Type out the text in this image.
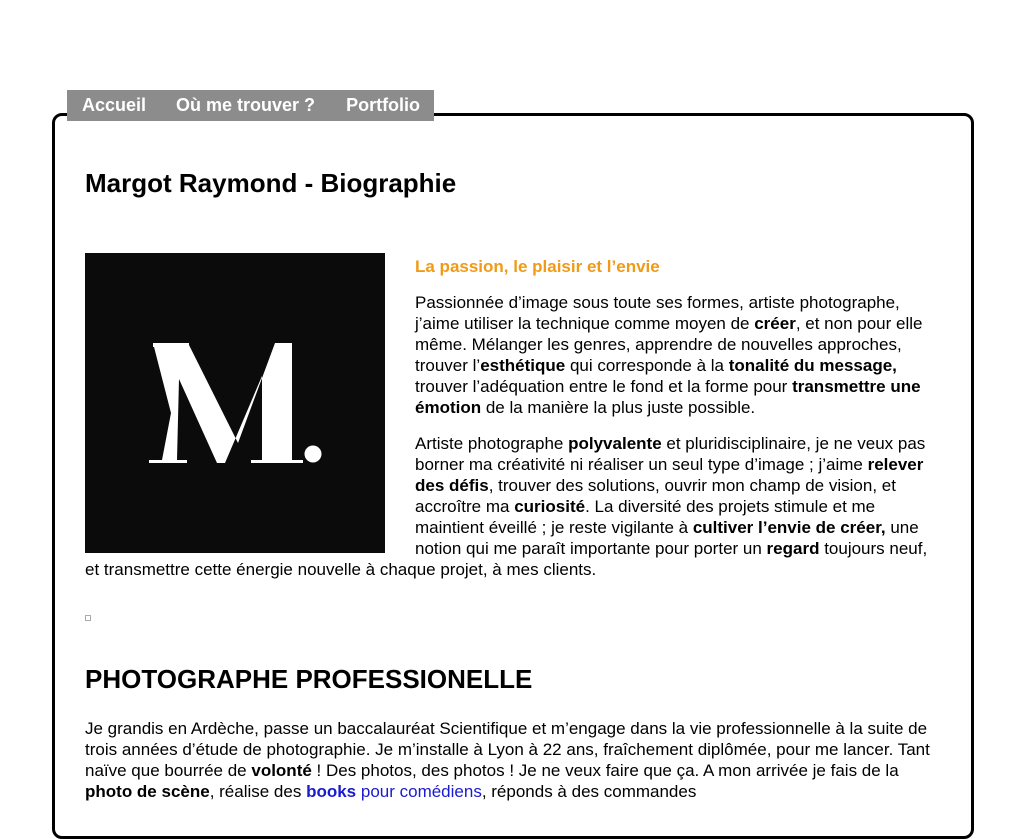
Accueil Où me trouver ? Portfolio
Margot Raymond - Biographie
La passion, le plaisir et l’envie

Passionnée d’image sous toute ses formes, artiste photographe, j’aime utiliser la technique comme moyen de créer, et non pour elle même. Mélanger les genres, apprendre de nouvelles approches, trouver l’esthétique qui corresponde à la tonalité du message, trouver l’adéquation entre le fond et la forme pour transmettre une émotion de la manière la plus juste possible.

Artiste photographe polyvalente et pluridisciplinaire, je ne veux pas borner ma créativité ni réaliser un seul type d’image ; j’aime relever des défis, trouver des solutions, ouvrir mon champ de vision, et accroître ma curiosité. La diversité des projets stimule et me maintient éveillé ; je reste vigilante à cultiver l’envie de créer, une notion qui me paraît importante pour porter un regard toujours neuf, et transmettre cette énergie nouvelle à chaque projet, à mes clients.

PHOTOGRAPHE PROFESSIONELLE

Je grandis en Ardèche, passe un baccalauréat Scientifique et m’engage dans la vie professionnelle à la suite de trois années d’étude de photographie. Je m’installe à Lyon à 22 ans, fraîchement diplômée, pour me lancer. Tant naïve que bourrée de volonté ! Des photos, des photos ! Je ne veux faire que ça. A mon arrivée je fais de la photo de scène, réalise des books pour comédiens, réponds à des commandes
